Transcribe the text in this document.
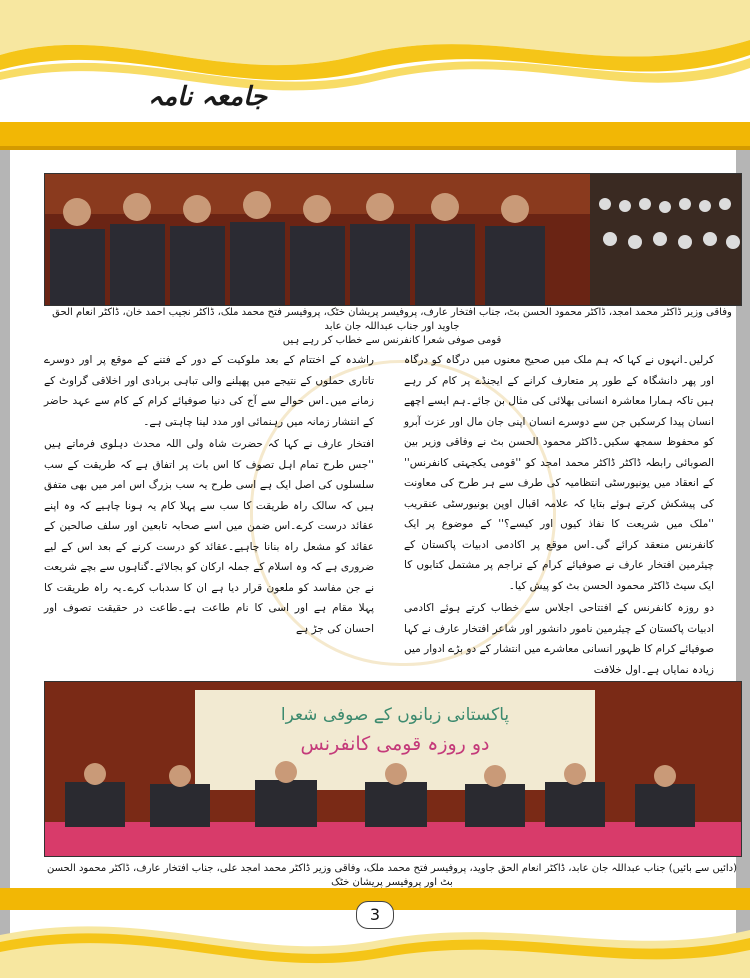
جامعہ نامہ
وفاقی وزیر ڈاکٹر محمد امجد، ڈاکٹر محمود الحسن بٹ، جناب افتخار عارف، پروفیسر پریشان خٹک، پروفیسر فتح محمد ملک، ڈاکٹر نجیب احمد خان، ڈاکٹر انعام الحق جاوید اور جناب عبداللہ جان عابد
قومی صوفی شعرا کانفرنس سے خطاب کر رہے ہیں

کرلیں۔انہوں نے کہا کہ ہم ملک میں صحیح معنوں میں درگاہ کو درگاہ اور پھر دانشگاہ کے طور پر متعارف کرانے کے ایجنڈے پر کام کر رہے ہیں تاکہ ہمارا معاشرہ انسانی بھلائی کی مثال بن جائے۔ہم ایسے اچھے انسان پیدا کرسکیں جن سے دوسرے انسان اپنی جان مال اور عزت آبرو کو محفوظ سمجھ سکیں۔ڈاکٹر محمود الحسن بٹ نے وفاقی وزیر بین الصوبائی رابطہ ڈاکٹر ڈاکٹر محمد امجد کو ''قومی یکجہتی کانفرنس'' کے انعقاد میں یونیورسٹی انتظامیہ کی طرف سے ہر طرح کی معاونت کی پیشکش کرتے ہوئے بتایا کہ علامہ اقبال اوپن یونیورسٹی عنقریب ''ملک میں شریعت کا نفاذ کیوں اور کیسے؟'' کے موضوع پر ایک کانفرنس منعقد کرائے گی۔اس موقع پر اکادمی ادبیات پاکستان کے چیئرمین افتخار عارف نے صوفیائے کرام کے تراجم پر مشتمل کتابوں کا ایک سیٹ ڈاکٹر محمود الحسن بٹ کو پیش کیا۔

دو روزہ کانفرنس کے افتتاحی اجلاس سے خطاب کرتے ہوئے اکادمی ادبیات پاکستان کے چیئرمین نامور دانشور اور شاعر افتخار عارف نے کہا صوفیائے کرام کا ظہور انسانی معاشرے میں انتشار کے دو بڑے ادوار میں زیادہ نمایاں ہے۔اول خلافت

راشدہ کے اختتام کے بعد ملوکیت کے دور کے فتنے کے موقع پر اور دوسرے تاتاری حملوں کے نتیجے میں پھیلنے والی تباہی بربادی اور اخلاقی گراوٹ کے زمانے میں۔اس حوالے سے آج کی دنیا صوفیائے کرام کے کام سے عہد حاضر کے انتشار زمانہ میں رہنمائی اور مدد لینا چاہتی ہے۔

افتخار عارف نے کہا کہ حضرت شاہ ولی اللہ محدث دہلوی فرماتے ہیں ''جس طرح تمام اہل تصوف کا اس بات پر اتفاق ہے کہ طریقت کے سب سلسلوں کی اصل ایک ہے اسی طرح یہ سب بزرگ اس امر میں بھی متفق ہیں کہ سالک راہ طریقت کا سب سے پہلا کام یہ ہونا چاہیے کہ وہ اپنے عقائد درست کرے۔اس ضمن میں اسے صحابہ تابعین اور سلف صالحین کے عقائد کو مشعل راہ بنانا چاہیے۔عقائد کو درست کرنے کے بعد اس کے لیے ضروری ہے کہ وہ اسلام کے جملہ ارکان کو بجالائے۔گناہوں سے بچے شریعت نے جن مفاسد کو ملعون قرار دیا ہے ان کا سدباب کرے۔یہ راہ طریقت کا پہلا مقام ہے اور اسی کا نام طاعت ہے۔طاعت در حقیقت تصوف اور احسان کی جڑ ہے

پاکستانی زبانوں کے صوفی شعرا
دو روزہ قومی کانفرنس
(دائیں سے بائیں) جناب عبداللہ جان عابد، ڈاکٹر انعام الحق جاوید، پروفیسر فتح محمد ملک، وفاقی وزیر ڈاکٹر محمد امجد علی، جناب افتخار عارف، ڈاکٹر محمود الحسن بٹ اور پروفیسر پریشان خٹک
3
